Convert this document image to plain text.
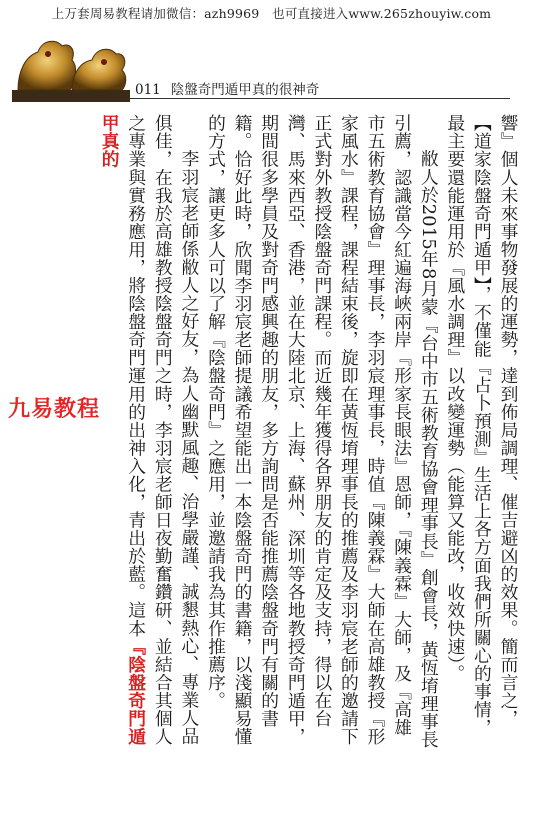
上万套周易教程请加微信：azh9969　也可直接进入www.265zhouyiw.com
011 陰盤奇門遁甲真的很神奇

響』個人未來事物發展的運勢，達到佈局調理、催吉避凶的效果。簡而言之，【道家陰盤奇門遁甲】，不僅能『占卜預測』生活上各方面我們所關心的事情，最主要還能運用於『風水調理』以改變運勢（能算又能改，收效快速）。

敝人於2015年8月蒙『台中市五術教育協會理事長』創會長，黃恆堉理事長引薦，認識當今紅遍海峽兩岸『形家長眼法』恩師，『陳義霖』大師，及『高雄市五術教育協會』理事長，李羽宸理事長，時值『陳義霖』大師在高雄教授『形家風水』課程，課程結束後，旋即在黃恆堉理事長的推薦及李羽宸老師的邀請下正式對外教授陰盤奇門課程。而近幾年獲得各界朋友的肯定及支持，得以在台灣、馬來西亞、香港，並在大陸北京、上海、蘇州、深圳等各地教授奇門遁甲，期間很多學員及對奇門感興趣的朋友，多方詢問是否能推薦陰盤奇門有關的書籍。恰好此時，欣聞李羽宸老師提議希望能出一本陰盤奇門的書籍，以淺顯易懂的方式，讓更多人可以了解『陰盤奇門』之應用，並邀請我為其作推薦序。

李羽宸老師係敝人之好友，為人幽默風趣、治學嚴謹、誠懇熱心、專業人品俱佳，在我於高雄教授陰盤奇門之時，李羽宸老師日夜勤奮鑽研、並結合其個人之專業與實務應用，將陰盤奇門運用的出神入化，青出於藍。這本『陰盤奇門遁甲真的

九易教程
